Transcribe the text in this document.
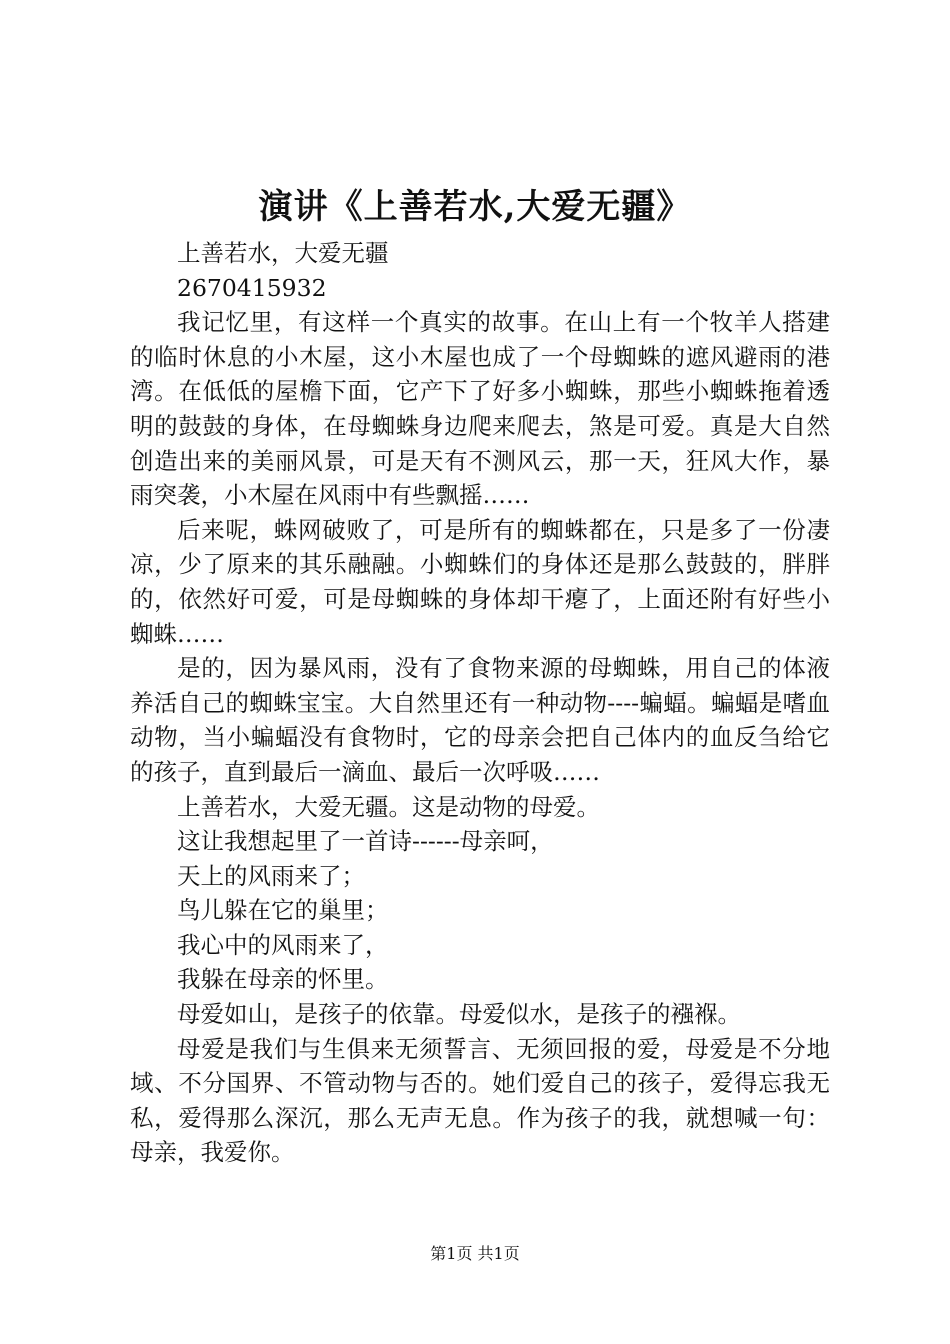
演讲《上善若水,大爱无疆》

上善若水，大爱无疆

2670415932

我记忆里，有这样一个真实的故事。在山上有一个牧羊人搭建的临时休息的小木屋，这小木屋也成了一个母蜘蛛的遮风避雨的港湾。在低低的屋檐下面，它产下了好多小蜘蛛，那些小蜘蛛拖着透明的鼓鼓的身体，在母蜘蛛身边爬来爬去，煞是可爱。真是大自然创造出来的美丽风景，可是天有不测风云，那一天，狂风大作，暴雨突袭，小木屋在风雨中有些飘摇……

后来呢，蛛网破败了，可是所有的蜘蛛都在，只是多了一份凄凉，少了原来的其乐融融。小蜘蛛们的身体还是那么鼓鼓的，胖胖的，依然好可爱，可是母蜘蛛的身体却干瘪了，上面还附有好些小蜘蛛……

是的，因为暴风雨，没有了食物来源的母蜘蛛，用自己的体液养活自己的蜘蛛宝宝。大自然里还有一种动物----蝙蝠。蝙蝠是嗜血动物，当小蝙蝠没有食物时，它的母亲会把自己体内的血反刍给它的孩子，直到最后一滴血、最后一次呼吸……

上善若水，大爱无疆。这是动物的母爱。

这让我想起里了一首诗------母亲呵，

天上的风雨来了；

鸟儿躲在它的巢里；

我心中的风雨来了，

我躲在母亲的怀里。

母爱如山，是孩子的依靠。母爱似水，是孩子的襁褓。

母爱是我们与生俱来无须誓言、无须回报的爱，母爱是不分地域、不分国界、不管动物与否的。她们爱自己的孩子，爱得忘我无私，爱得那么深沉，那么无声无息。作为孩子的我，就想喊一句：母亲，我爱你。

第1页 共1页
